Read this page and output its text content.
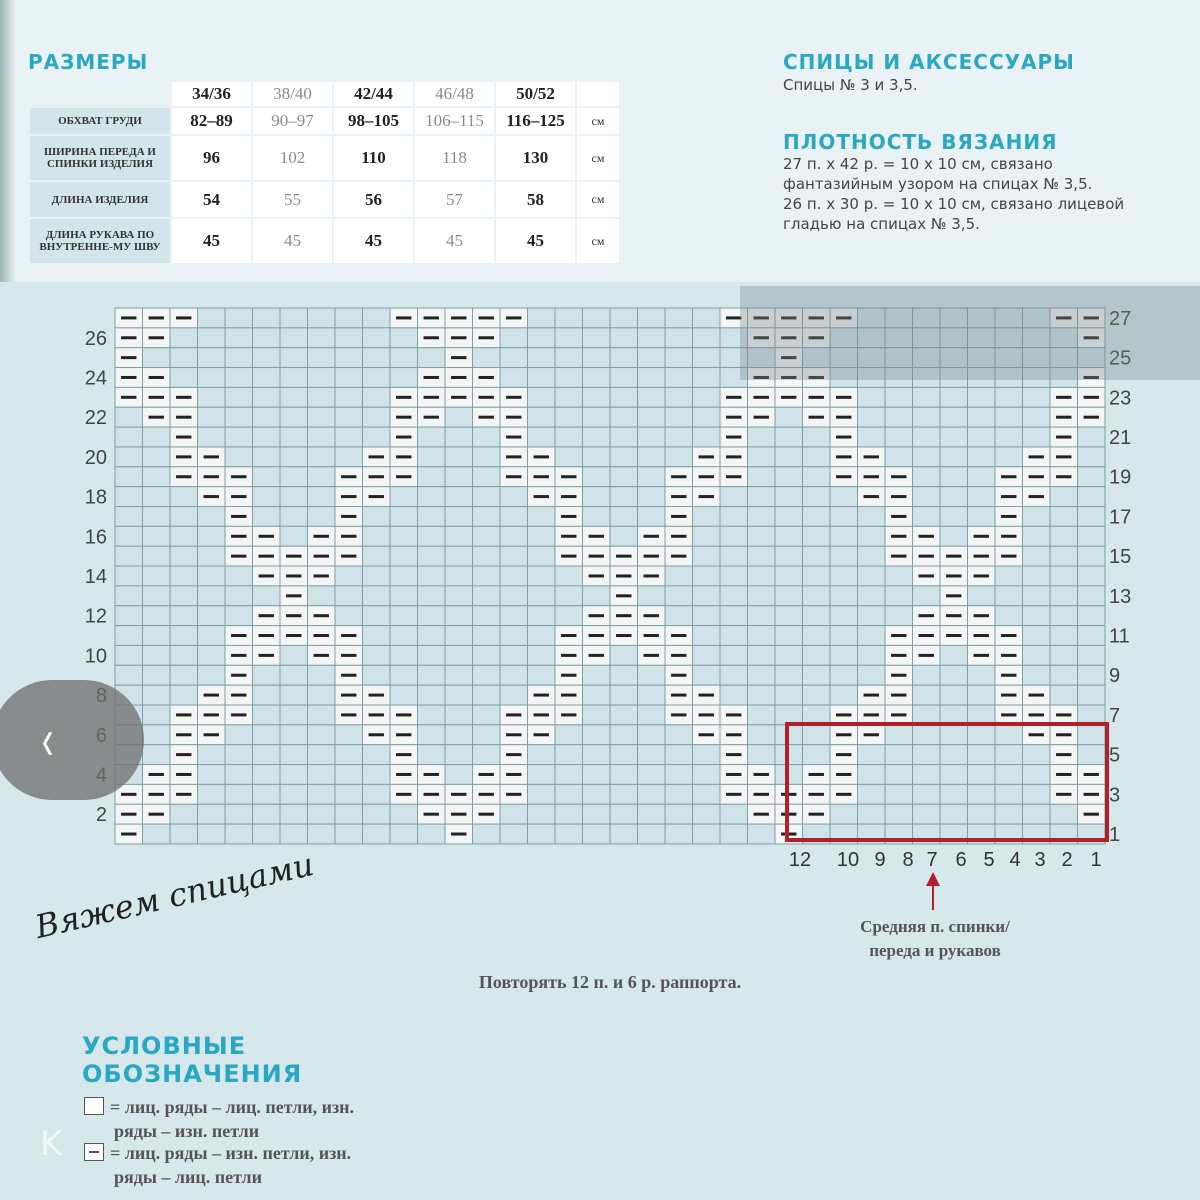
РАЗМЕРЫ
	34/36	38/40	42/44	46/48	50/52	
ОБХВАТ ГРУДИ	82–89	90–97	98–105	106–115	116–125	см
ШИРИНА ПЕРЕДА И СПИНКИ ИЗДЕЛИЯ	96	102	110	118	130	см
ДЛИНА ИЗДЕЛИЯ	54	55	56	57	58	см
ДЛИНА РУКАВА ПО ВНУТРЕННЕ-МУ ШВУ	45	45	45	45	45	см
СПИЦЫ И АКСЕССУАРЫ
Спицы № 3 и 3,5.
ПЛОТНОСТЬ ВЯЗАНИЯ
27 п. х 42 р. = 10 х 10 см, связано
фантазийным узором на спицах № 3,5.
26 п. х 30 р. = 10 х 10 см, связано лицевой
гладью на спицах № 3,5.
2
10
12
14
16
18
20
22
24
26
1
3
5
7
9
11
13
15
17
19
21
23
25
27
12 10 9 8 7 6 5 4 3 2 1
Средняя п. спинки/
переда и рукавов
Повторять 12 п. и 6 р. раппорта.
Вяжем спицами
‹
УСЛОВНЫЕ
ОБОЗНАЧЕНИЯ
= лиц. ряды – лиц. петли, изн.
ряды – изн. петли
= лиц. ряды – изн. петли, изн.
ряды – лиц. петли
K
